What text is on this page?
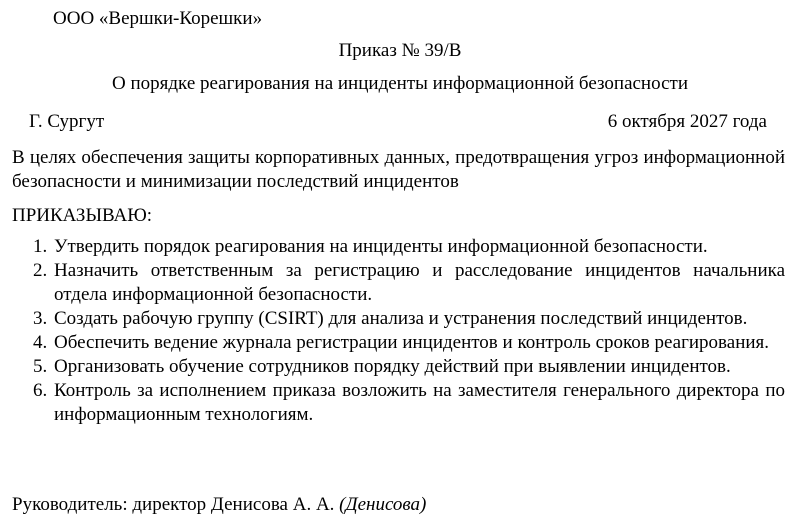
ООО «Вершки-Корешки»
Приказ № 39/В
О порядке реагирования на инциденты информационной безопасности
Г. Сургут	6 октября 2027 года
В целях обеспечения защиты корпоративных данных, предотвращения угроз информационной безопасности и минимизации последствий инцидентов
ПРИКАЗЫВАЮ:
1. Утвердить порядок реагирования на инциденты информационной безопасности.
2. Назначить ответственным за регистрацию и расследование инцидентов начальника отдела информационной безопасности.
3. Создать рабочую группу (CSIRT) для анализа и устранения последствий инцидентов.
4. Обеспечить ведение журнала регистрации инцидентов и контроль сроков реагирования.
5. Организовать обучение сотрудников порядку действий при выявлении инцидентов.
6. Контроль за исполнением приказа возложить на заместителя генерального директора по информационным технологиям.
Руководитель: директор Денисова А. А. (Денисова)
